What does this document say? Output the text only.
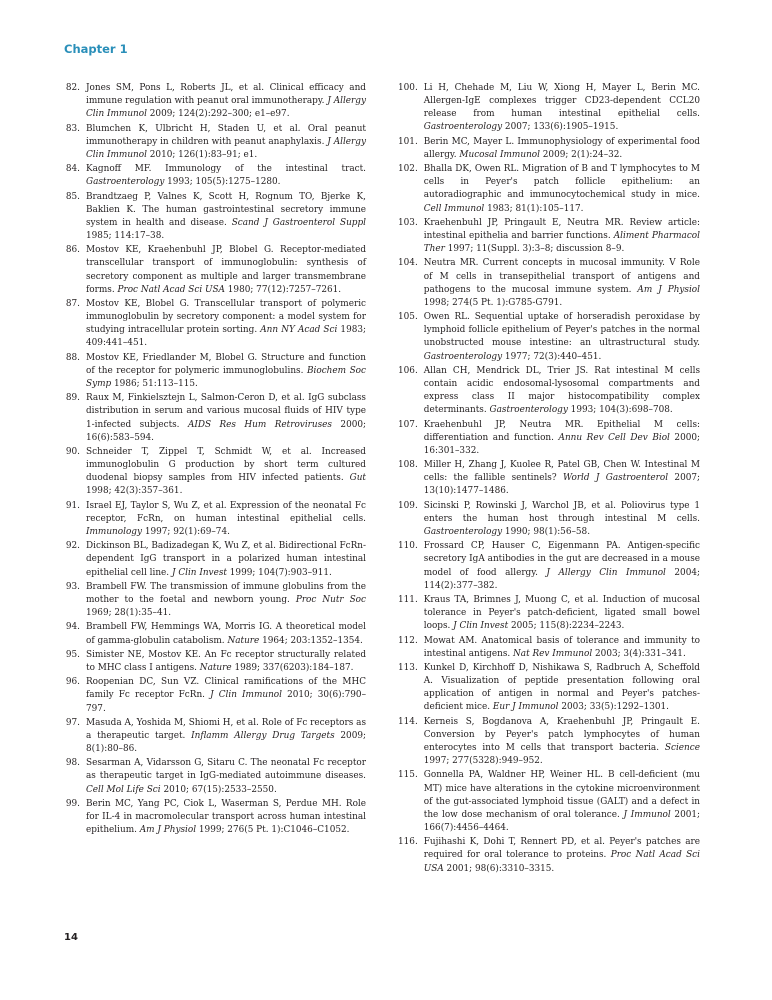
Chapter 1
82. Jones SM, Pons L, Roberts JL, et al. Clinical efficacy and immune regulation with peanut oral immunotherapy. J Allergy Clin Immunol 2009; 124(2):292–300; e1–e97.
83. Blumchen K, Ulbricht H, Staden U, et al. Oral peanut immunotherapy in children with peanut anaphylaxis. J Allergy Clin Immunol 2010; 126(1):83–91; e1.
84. Kagnoff MF. Immunology of the intestinal tract. Gastroenterology 1993; 105(5):1275–1280.
85. Brandtzaeg P, Valnes K, Scott H, Rognum TO, Bjerke K, Baklien K. The human gastrointestinal secretory immune system in health and disease. Scand J Gastroenterol Suppl 1985; 114:17–38.
86. Mostov KE, Kraehenbuhl JP, Blobel G. Receptor-mediated transcellular transport of immunoglobulin: synthesis of secretory component as multiple and larger transmembrane forms. Proc Natl Acad Sci USA 1980; 77(12):7257–7261.
87. Mostov KE, Blobel G. Transcellular transport of polymeric immunoglobulin by secretory component: a model system for studying intracellular protein sorting. Ann NY Acad Sci 1983; 409:441–451.
88. Mostov KE, Friedlander M, Blobel G. Structure and function of the receptor for polymeric immunoglobulins. Biochem Soc Symp 1986; 51:113–115.
89. Raux M, Finkielsztejn L, Salmon-Ceron D, et al. IgG subclass distribution in serum and various mucosal fluids of HIV type 1-infected subjects. AIDS Res Hum Retroviruses 2000; 16(6):583–594.
90. Schneider T, Zippel T, Schmidt W, et al. Increased immunoglobulin G production by short term cultured duodenal biopsy samples from HIV infected patients. Gut 1998; 42(3):357–361.
91. Israel EJ, Taylor S, Wu Z, et al. Expression of the neonatal Fc receptor, FcRn, on human intestinal epithelial cells. Immunology 1997; 92(1):69–74.
92. Dickinson BL, Badizadegan K, Wu Z, et al. Bidirectional FcRn-dependent IgG transport in a polarized human intestinal epithelial cell line. J Clin Invest 1999; 104(7):903–911.
93. Brambell FW. The transmission of immune globulins from the mother to the foetal and newborn young. Proc Nutr Soc 1969; 28(1):35–41.
94. Brambell FW, Hemmings WA, Morris IG. A theoretical model of gamma-globulin catabolism. Nature 1964; 203:1352–1354.
95. Simister NE, Mostov KE. An Fc receptor structurally related to MHC class I antigens. Nature 1989; 337(6203):184–187.
96. Roopenian DC, Sun VZ. Clinical ramifications of the MHC family Fc receptor FcRn. J Clin Immunol 2010; 30(6):790–797.
97. Masuda A, Yoshida M, Shiomi H, et al. Role of Fc receptors as a therapeutic target. Inflamm Allergy Drug Targets 2009; 8(1):80–86.
98. Sesarman A, Vidarsson G, Sitaru C. The neonatal Fc receptor as therapeutic target in IgG-mediated autoimmune diseases. Cell Mol Life Sci 2010; 67(15):2533–2550.
99. Berin MC, Yang PC, Ciok L, Waserman S, Perdue MH. Role for IL-4 in macromolecular transport across human intestinal epithelium. Am J Physiol 1999; 276(5 Pt. 1):C1046–C1052.
100. Li H, Chehade M, Liu W, Xiong H, Mayer L, Berin MC. Allergen-IgE complexes trigger CD23-dependent CCL20 release from human intestinal epithelial cells. Gastroenterology 2007; 133(6):1905–1915.
101. Berin MC, Mayer L. Immunophysiology of experimental food allergy. Mucosal Immunol 2009; 2(1):24–32.
102. Bhalla DK, Owen RL. Migration of B and T lymphocytes to M cells in Peyer's patch follicle epithelium: an autoradiographic and immunocytochemical study in mice. Cell Immunol 1983; 81(1):105–117.
103. Kraehenbuhl JP, Pringault E, Neutra MR. Review article: intestinal epithelia and barrier functions. Aliment Pharmacol Ther 1997; 11(Suppl. 3):3–8; discussion 8–9.
104. Neutra MR. Current concepts in mucosal immunity. V Role of M cells in transepithelial transport of antigens and pathogens to the mucosal immune system. Am J Physiol 1998; 274(5 Pt. 1):G785-G791.
105. Owen RL. Sequential uptake of horseradish peroxidase by lymphoid follicle epithelium of Peyer's patches in the normal unobstructed mouse intestine: an ultrastructural study. Gastroenterology 1977; 72(3):440–451.
106. Allan CH, Mendrick DL, Trier JS. Rat intestinal M cells contain acidic endosomal-lysosomal compartments and express class II major histocompatibility complex determinants. Gastroenterology 1993; 104(3):698–708.
107. Kraehenbuhl JP, Neutra MR. Epithelial M cells: differentiation and function. Annu Rev Cell Dev Biol 2000; 16:301–332.
108. Miller H, Zhang J, Kuolee R, Patel GB, Chen W. Intestinal M cells: the fallible sentinels? World J Gastroenterol 2007; 13(10):1477–1486.
109. Sicinski P, Rowinski J, Warchol JB, et al. Poliovirus type 1 enters the human host through intestinal M cells. Gastroenterology 1990; 98(1):56–58.
110. Frossard CP, Hauser C, Eigenmann PA. Antigen-specific secretory IgA antibodies in the gut are decreased in a mouse model of food allergy. J Allergy Clin Immunol 2004; 114(2):377–382.
111. Kraus TA, Brimnes J, Muong C, et al. Induction of mucosal tolerance in Peyer's patch-deficient, ligated small bowel loops. J Clin Invest 2005; 115(8):2234–2243.
112. Mowat AM. Anatomical basis of tolerance and immunity to intestinal antigens. Nat Rev Immunol 2003; 3(4):331–341.
113. Kunkel D, Kirchhoff D, Nishikawa S, Radbruch A, Scheffold A. Visualization of peptide presentation following oral application of antigen in normal and Peyer's patches-deficient mice. Eur J Immunol 2003; 33(5):1292–1301.
114. Kerneis S, Bogdanova A, Kraehenbuhl JP, Pringault E. Conversion by Peyer's patch lymphocytes of human enterocytes into M cells that transport bacteria. Science 1997; 277(5328):949–952.
115. Gonnella PA, Waldner HP, Weiner HL. B cell-deficient (mu MT) mice have alterations in the cytokine microenvironment of the gut-associated lymphoid tissue (GALT) and a defect in the low dose mechanism of oral tolerance. J Immunol 2001; 166(7):4456–4464.
116. Fujihashi K, Dohi T, Rennert PD, et al. Peyer's patches are required for oral tolerance to proteins. Proc Natl Acad Sci USA 2001; 98(6):3310–3315.
14
